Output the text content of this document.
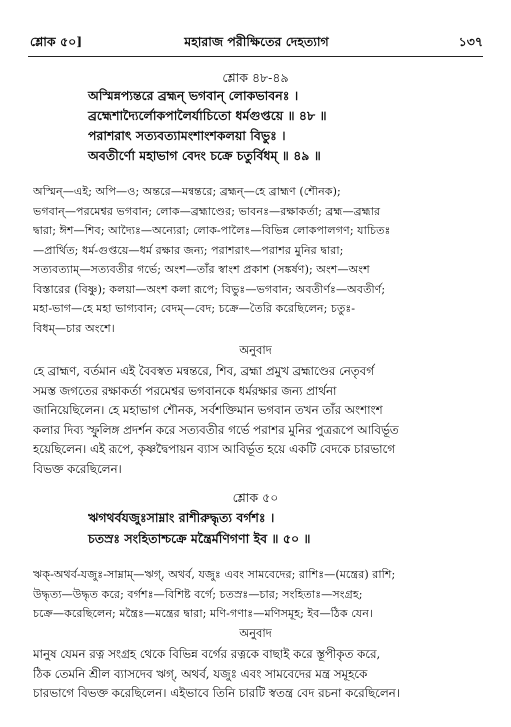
শ্লোক ৫০]	মহারাজ পরীক্ষিতের দেহত্যাগ	১৩৭
শ্লোক ৪৮-৪৯
অস্মিন্নপ্যন্তরে ব্রহ্মন্ ভগবান্ লোকভাবনঃ ।
ব্রহ্মেশাদ্যৈর্লোকপালৈর্যাচিতো ধর্মগুপ্তয়ে ॥ ৪৮ ॥
পরাশরাৎ সত্যবত্যামংশাংশকলয়া বিভুঃ ।
অবতীর্ণো মহাভাগ বেদং চক্রে চতুর্বিধম্ ॥ ৪৯ ॥
অস্মিন্—এই; অপি—ও; অন্তরে—মন্বন্তরে; ব্রহ্মন্—হে ব্রাহ্মণ (শৌনক);
ভগবান্—পরমেশ্বর ভগবান; লোক—ব্রহ্মাণ্ডের; ভাবনঃ—রক্ষাকর্তা; ব্রহ্ম—ব্রহ্মার
দ্বারা; ঈশ—শিব; আদ্যৈঃ—অন্যেরা; লোক-পালৈঃ—বিভিন্ন লোকপালগণ; যাচিতঃ
—প্রার্থিত; ধর্ম-গুপ্তয়ে—ধর্ম রক্ষার জন্য; পরাশরাৎ—পরাশর মুনির দ্বারা;
সত্যবত্যাম্—সত্যবতীর গর্ভে; অংশ—তাঁর স্বাংশ প্রকাশ (সঙ্কর্ষণ); অংশ—অংশ
বিস্তারের (বিষ্ণু); কলয়া—অংশ কলা রূপে; বিভুঃ—ভগবান; অবতীর্ণঃ—অবতীর্ণ;
মহা-ভাগ—হে মহা ভাগ্যবান; বেদম্—বেদ; চক্রে—তৈরি করেছিলেন; চতুঃ-
বিধম্—চার অংশে।
অনুবাদ
হে ব্রাহ্মণ, বর্তমান এই বৈবস্বত মন্বন্তরে, শিব, ব্রহ্মা প্রমুখ ব্রহ্মাণ্ডের নেতৃবর্গ
সমস্ত জগতের রক্ষাকর্তা পরমেশ্বর ভগবানকে ধর্মরক্ষার জন্য প্রার্থনা
জানিয়েছিলেন। হে মহাভাগ শৌনক, সর্বশক্তিমান ভগবান তখন তাঁর অংশাংশ
কলার দিব্য স্ফুলিঙ্গ প্রদর্শন করে সত্যবতীর গর্ভে পরাশর মুনির পুত্ররূপে আবির্ভূত
হয়েছিলেন। এই রূপে, কৃষ্ণদ্বৈপায়ন ব্যাস আবির্ভূত হয়ে একটি বেদকে চারভাগে
বিভক্ত করেছিলেন।
শ্লোক ৫০
ঋগথর্বযজুঃসাম্নাং রাশীরুদ্ধৃত্য বর্গশঃ ।
চতস্রঃ সংহিতাশ্চক্রে মন্ত্রৈর্মণিগণা ইব ॥ ৫০ ॥
ঋক্-অথর্ব-যজুঃ-সাম্নাম্—ঋগ্, অথর্ব, যজুঃ এবং সামবেদের; রাশিঃ—(মন্ত্রের) রাশি;
উদ্ধৃত্য—উদ্ধৃত করে; বর্গশঃ—বিশিষ্ট বর্গে; চতস্রঃ—চার; সংহিতাঃ—সংগ্রহ;
চক্রে—করেছিলেন; মন্ত্রৈঃ—মন্ত্রের দ্বারা; মণি-গণাঃ—মণিসমূহ; ইব—ঠিক যেন।
অনুবাদ
মানুষ যেমন রত্ন সংগ্রহ থেকে বিভিন্ন বর্গের রত্নকে বাছাই করে স্তূপীকৃত করে,
ঠিক তেমনি শ্রীল ব্যাসদেব ঋগ্, অথর্ব, যজুঃ এবং সামবেদের মন্ত্র সমূহকে
চারভাগে বিভক্ত করেছিলেন। এইভাবে তিনি চারটি স্বতন্ত্র বেদ রচনা করেছিলেন।
